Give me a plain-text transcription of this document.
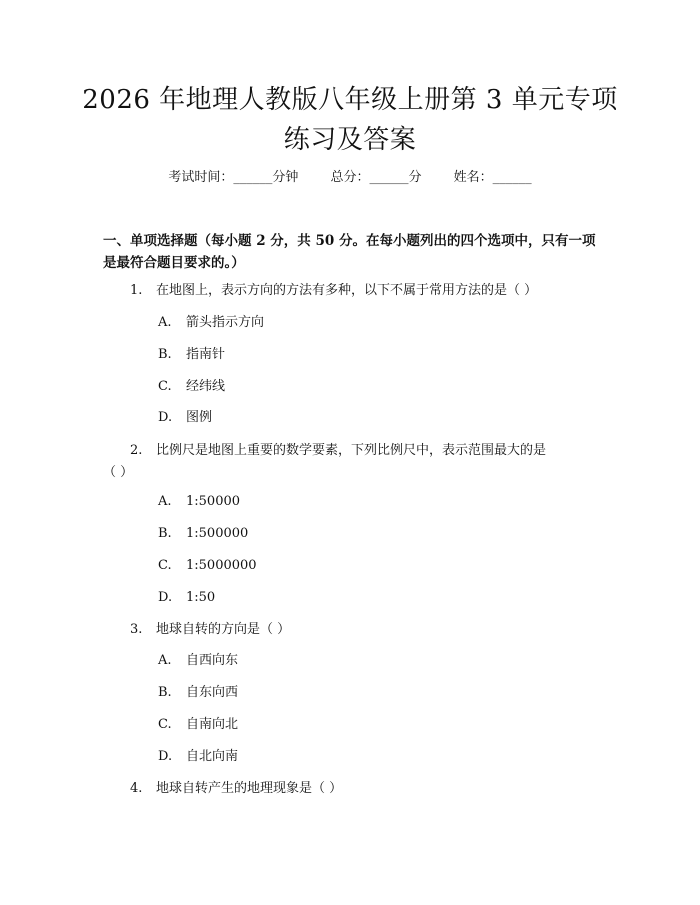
2026 年地理人教版八年级上册第 3 单元专项
练习及答案
考试时间：______分钟 总分：______分 姓名：______
一、单项选择题（每小题 2 分，共 50 分。在每小题列出的四个选项中，只有一项
是最符合题目要求的。）
1. 在地图上，表示方向的方法有多种，以下不属于常用方法的是（ ）
A. 箭头指示方向
B. 指南针
C. 经纬线
D. 图例
2. 比例尺是地图上重要的数学要素，下列比例尺中，表示范围最大的是
（ ）
A. 1:50000
B. 1:500000
C. 1:5000000
D. 1:50
3. 地球自转的方向是（ ）
A. 自西向东
B. 自东向西
C. 自南向北
D. 自北向南
4. 地球自转产生的地理现象是（ ）
